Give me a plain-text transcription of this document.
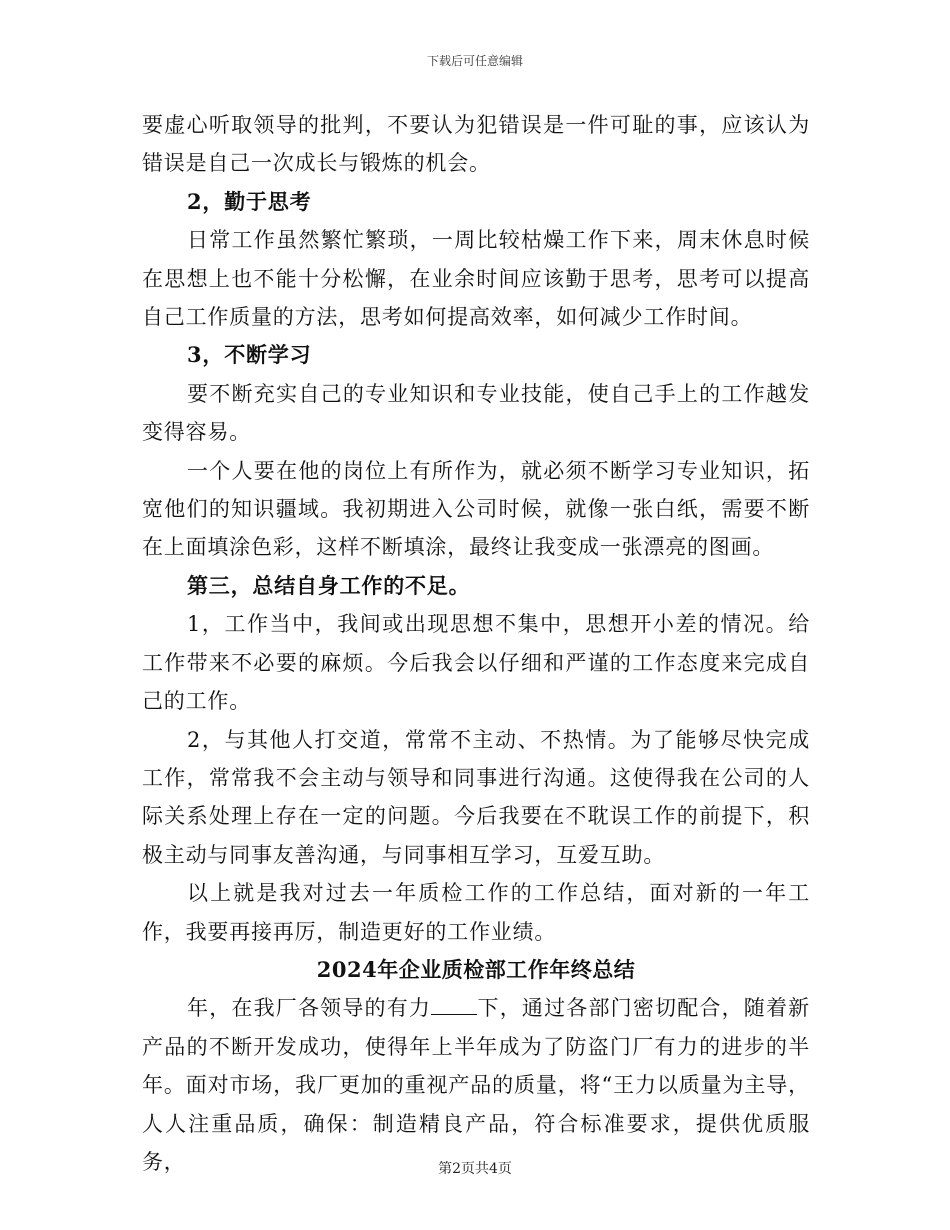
下载后可任意编辑

要虚心听取领导的批判，不要认为犯错误是一件可耻的事，应该认为错误是自己一次成长与锻炼的机会。

2，勤于思考

日常工作虽然繁忙繁琐，一周比较枯燥工作下来，周末休息时候在思想上也不能十分松懈，在业余时间应该勤于思考，思考可以提高自己工作质量的方法，思考如何提高效率，如何减少工作时间。

3，不断学习

要不断充实自己的专业知识和专业技能，使自己手上的工作越发变得容易。

一个人要在他的岗位上有所作为，就必须不断学习专业知识，拓宽他们的知识疆域。我初期进入公司时候，就像一张白纸，需要不断在上面填涂色彩，这样不断填涂，最终让我变成一张漂亮的图画。

第三，总结自身工作的不足。

1，工作当中，我间或出现思想不集中，思想开小差的情况。给工作带来不必要的麻烦。今后我会以仔细和严谨的工作态度来完成自己的工作。

2，与其他人打交道，常常不主动、不热情。为了能够尽快完成工作，常常我不会主动与领导和同事进行沟通。这使得我在公司的人际关系处理上存在一定的问题。今后我要在不耽误工作的前提下，积极主动与同事友善沟通，与同事相互学习，互爱互助。

以上就是我对过去一年质检工作的工作总结，面对新的一年工作，我要再接再厉，制造更好的工作业绩。

2024年企业质检部工作年终总结

年，在我厂各领导的有力 下，通过各部门密切配合，随着新产品的不断开发成功，使得年上半年成为了防盗门厂有力的进步的半年。面对市场，我厂更加的重视产品的质量，将“王力以质量为主导，人人注重品质，确保：制造精良产品，符合标准要求，提供优质服务，	第2页共4页
